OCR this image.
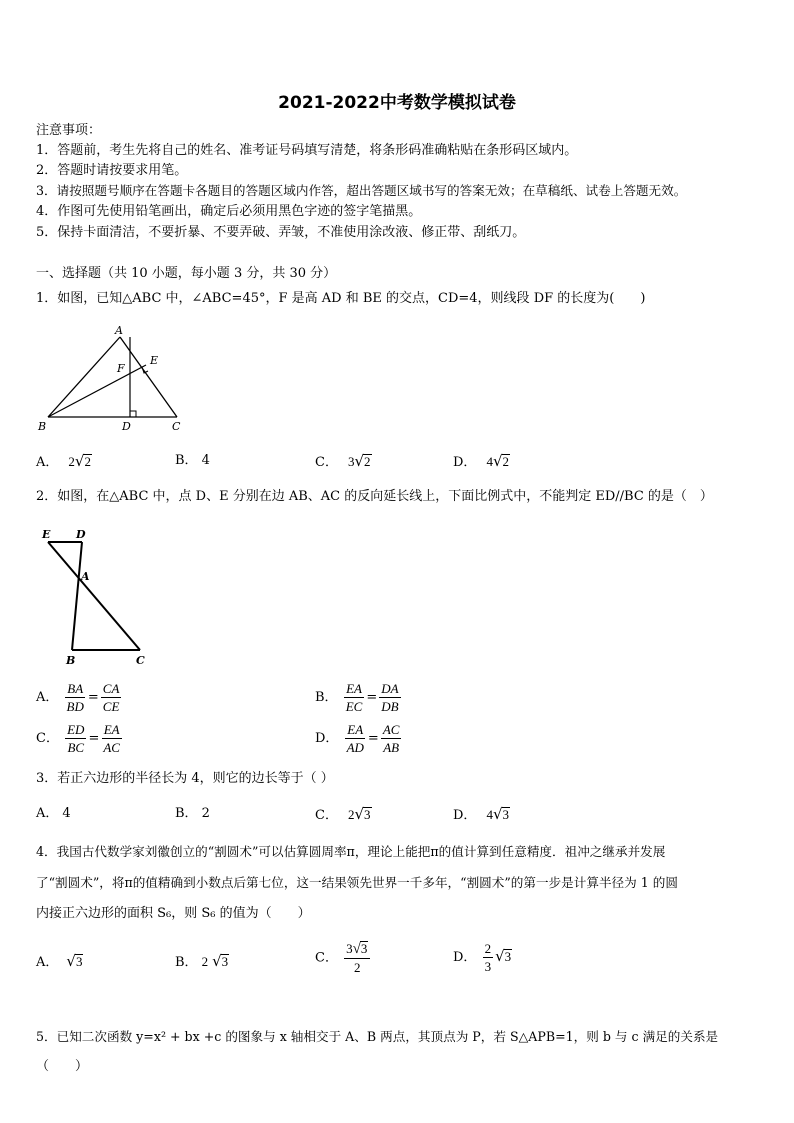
2021-2022中考数学模拟试卷
注意事项：
1．答题前，考生先将自己的姓名、准考证号码填写清楚，将条形码准确粘贴在条形码区域内。
2．答题时请按要求用笔。
3．请按照题号顺序在答题卡各题目的答题区域内作答，超出答题区域书写的答案无效；在草稿纸、试卷上答题无效。
4．作图可先使用铅笔画出，确定后必须用黑色字迹的签字笔描黑。
5．保持卡面清洁，不要折暴、不要弄破、弄皱，不准使用涂改液、修正带、刮纸刀。
一、选择题（共 10 小题，每小题 3 分，共 30 分）
1．如图，已知△ABC 中，∠ABC=45°，F 是高 AD 和 BE 的交点，CD=4，则线段 DF 的长度为(　　)
A
E
F
B	D	C
A． 2√2	B． 4	C． 3√2	D． 4√2
2．如图，在△ABC 中，点 D、E 分别在边 AB、AC 的反向延长线上，下面比例式中，不能判定 ED//BC 的是（　）
E D
A
B	C
A． $\frac{BA}{BD} = \frac{CA}{CE}$	B． $\frac{EA}{EC} = \frac{DA}{DB}$
C． $\frac{ED}{BC} = \frac{EA}{AC}$	D． $\frac{EA}{AD} = \frac{AC}{AB}$
3．若正六边形的半径长为 4，则它的边长等于（ ）
A． 4	B． 2	C． 2√3	D． 4√3
4．我国古代数学家刘徽创立的“割圆术”可以估算圆周率π，理论上能把π的值计算到任意精度．祖冲之继承并发展
了“割圆术”，将π的值精确到小数点后第七位，这一结果领先世界一千多年，“割圆术”的第一步是计算半径为 1 的圆
内接正六边形的面积 S₆，则 S₆ 的值为（　　）
A． √3	B． 2 √3	C． $\frac{3√3}{2}$	D． $\frac{2}{3} √3$
5．已知二次函数 y=x² + bx +c 的图象与 x 轴相交于 A、B 两点，其顶点为 P，若 S△APB=1，则 b 与 c 满足的关系是
（　　）
